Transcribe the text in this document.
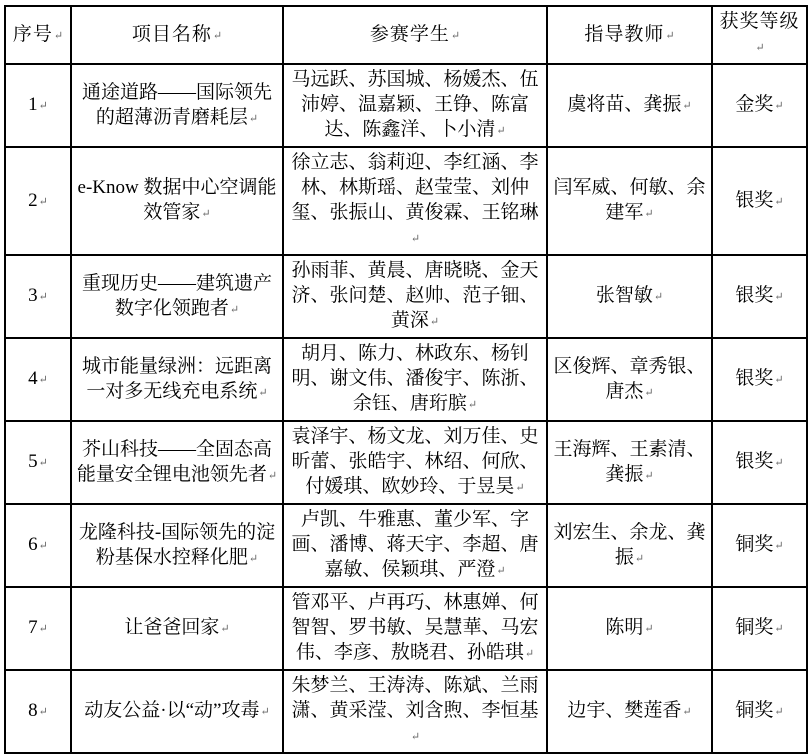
序号↵	项目名称↵	参赛学生↵	指导教师↵	获奖等级↵
1↵	通途道路——国际领先的超薄沥青磨耗层↵	马远跃、苏国城、杨媛杰、伍沛婷、温嘉颖、王铮、陈富达、陈鑫洋、卜小清↵	虞将苗、龚振↵	金奖↵
2↵	e-Know 数据中心空调能效管家↵	徐立志、翁莉迎、李红涵、李林、林斯瑶、赵莹莹、刘仲玺、张振山、黄俊霖、王铭琳↵	闫军威、何敏、余建军↵	银奖↵
3↵	重现历史——建筑遗产数字化领跑者↵	孙雨菲、黄晨、唐晓晓、金天济、张问楚、赵帅、范子钿、黄深↵	张智敏↵	银奖↵
4↵	城市能量绿洲：远距离一对多无线充电系统↵	胡月、陈力、林政东、杨钊明、谢文伟、潘俊宇、陈浙、余钰、唐珩膑↵	区俊辉、章秀银、唐杰↵	银奖↵
5↵	芥山科技——全固态高能量安全锂电池领先者↵	袁泽宇、杨文龙、刘万佳、史昕蕾、张皓宇、林绍、何欣、付媛琪、欧妙玲、于昱昊↵	王海辉、王素清、龚振↵	银奖↵
6↵	龙隆科技-国际领先的淀粉基保水控释化肥↵	卢凯、牛雅惠、董少军、字画、潘博、蒋天宇、李超、唐嘉敏、侯颖琪、严澄↵	刘宏生、余龙、龚振↵	铜奖↵
7↵	让爸爸回家↵	管邓平、卢再巧、林惠婵、何智智、罗书敏、吴慧華、马宏伟、李彦、敖晓君、孙皓琪↵	陈明↵	铜奖↵
8↵	动友公益·以“动”攻毒↵	朱梦兰、王涛涛、陈斌、兰雨潇、黄采滢、刘含煦、李恒基↵	边宇、樊莲香↵	铜奖↵
